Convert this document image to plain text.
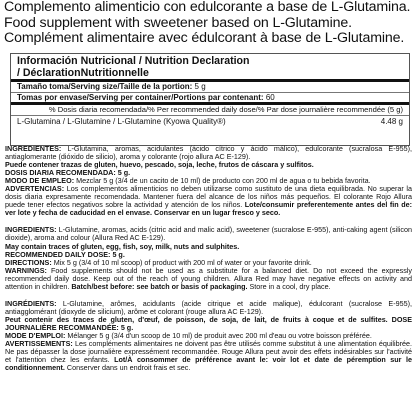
Complemento alimenticio con edulcorante a base de L-Glutamina.
Food supplement with sweetener based on L-Glutamine.
Complément alimentaire avec édulcorant à base de L-Glutamine.
Información Nutricional / Nutrition Declaration
/ DéclarationNutritionnelle
Tamaño toma/Serving size/Taille de la portion: 5 g
Tomas por envase/Serving per container/Portions par contenant: 60
% Dosis diaria recomendada/% Per recommended daily dose/% Par dose journalière recommendée (5 g)
L-Glutamina / L-Glutamine / L-Glutamine (Kyowa Quality®)	4.48 g

INGREDIENTES: L-Glutamina, aromas, acidulantes (ácido cítrico y ácido málico), edulcorante (sucralosa E-955), antiaglomerante (dióxido de silicio), aroma y colorante (rojo allura AC E-129).

Puede contener trazas de gluten, huevo, pescado, soja, leche, frutos de cáscara y sulfitos.

DOSIS DIARIA RECOMENDADA: 5 g.

MODO DE EMPLEO: Mezclar 5 g (3/4 de un cacito de 10 ml) de producto con 200 ml de agua o tu bebida favorita.

ADVERTENCIAS: Los complementos alimenticios no deben utilizarse como sustituto de una dieta equilibrada. No superar la dosis diaria expresamente recomendada. Mantener fuera del alcance de los niños más pequeños. El colorante Rojo Allura puede tener efectos negativos sobre la actividad y atención de los niños. Lote/consumir preferentemente antes del fin de: ver lote y fecha de caducidad en el envase. Conservar en un lugar fresco y seco.

INGREDIENTS: L-Glutamine, aromas, acids (citric acid and malic acid), sweetener (sucralose E-955), anti-caking agent (silicon dioxide), aroma and colour (Allura Red AC E-129).

May contain traces of gluten, egg, fish, soy, milk, nuts and sulphites.

RECOMMENDED DAILY DOSE: 5 g.

DIRECTIONS: Mix 5 g (3/4 of 10 ml scoop) of product with 200 ml of water or your favorite drink.

WARNINGS: Food supplements should not be used as a substitute for a balanced diet. Do not exceed the expressly recommended daily dose. Keep out of the reach of young children. Allura Red may have negative effects on activity and attention in children. Batch/best before: see batch or basis of packaging. Store in a cool, dry place.

INGRÉDIENTS: L-Glutamine, arômes, acidulants (acide citrique et acide malique), édulcorant (sucralose E-955), antiagglomérant (dioxyde de silicium), arôme et colorant (rouge allura AC E-129).

Peut contenir des traces de gluten, d'œuf, de poisson, de soja, de lait, de fruits à coque et de sulfites. DOSE JOURNALIÈRE RECOMMANDÉE: 5 g.

MODE D'EMPLOI: Mélanger 5 g (3/4 d'un scoop de 10 ml) de produit avec 200 ml d'eau ou votre boisson préférée.

AVERTISSEMENTS: Les compléments alimentaires ne doivent pas être utilisés comme substitut à une alimentation équilibrée. Ne pas dépasser la dose journalière expressément recommandée. Rouge Allura peut avoir des effets indésirables sur l'activité et l'attention chez les enfants. Lot/À consommer de préférence avant le: voir lot et date de péremption sur le conditionnement. Conserver dans un endroit frais et sec.
